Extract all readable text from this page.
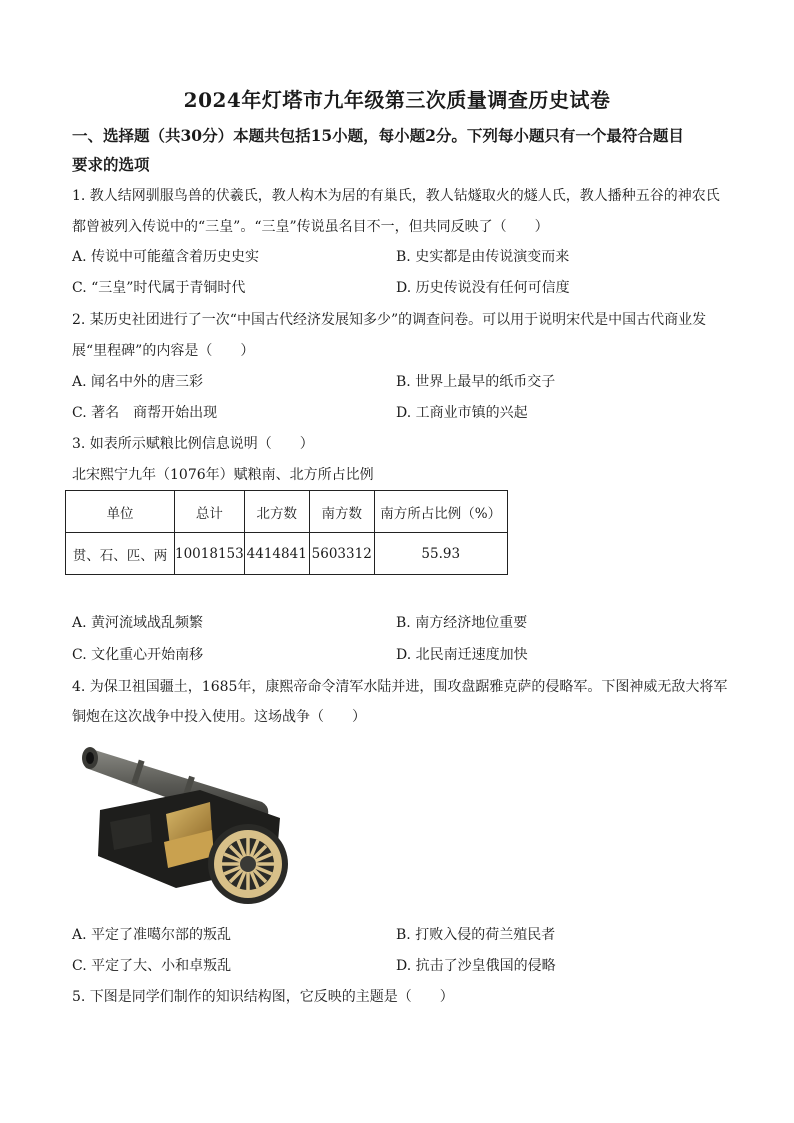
2024年灯塔市九年级第三次质量调查历史试卷
一、选择题（共30分）本题共包括15小题，每小题2分。下列每小题只有一个最符合题目
要求的选项
1. 教人结网驯服鸟兽的伏羲氏，教人构木为居的有巢氏，教人钻燧取火的燧人氏，教人播种五谷的神农氏
都曾被列入传说中的“三皇”。“三皇”传说虽名目不一，但共同反映了（　　）
A. 传说中可能蕴含着历史史实	B. 史实都是由传说演变而来
C. “三皇”时代属于青铜时代	D. 历史传说没有任何可信度
2. 某历史社团进行了一次“中国古代经济发展知多少”的调查问卷。可以用于说明宋代是中国古代商业发
展“里程碑”的内容是（　　）
A. 闻名中外的唐三彩	B. 世界上最早的纸币交子
C. 著名　商帮开始出现	D. 工商业市镇的兴起
3. 如表所示赋粮比例信息说明（　　）
北宋熙宁九年（1076年）赋粮南、北方所占比例
单位	总计	北方数	南方数	南方所占比例（%）
贯、石、匹、两	10018153	4414841	5603312	55.93
A. 黄河流域战乱频繁	B. 南方经济地位重要
C. 文化重心开始南移	D. 北民南迁速度加快
4. 为保卫祖国疆土，1685年，康熙帝命令清军水陆并进，围攻盘踞雅克萨的侵略军。下图神威无敌大将军
铜炮在这次战争中投入使用。这场战争（　　）
A. 平定了准噶尔部的叛乱	B. 打败入侵的荷兰殖民者
C. 平定了大、小和卓叛乱	D. 抗击了沙皇俄国的侵略
5. 下图是同学们制作的知识结构图，它反映的主题是（　　）
